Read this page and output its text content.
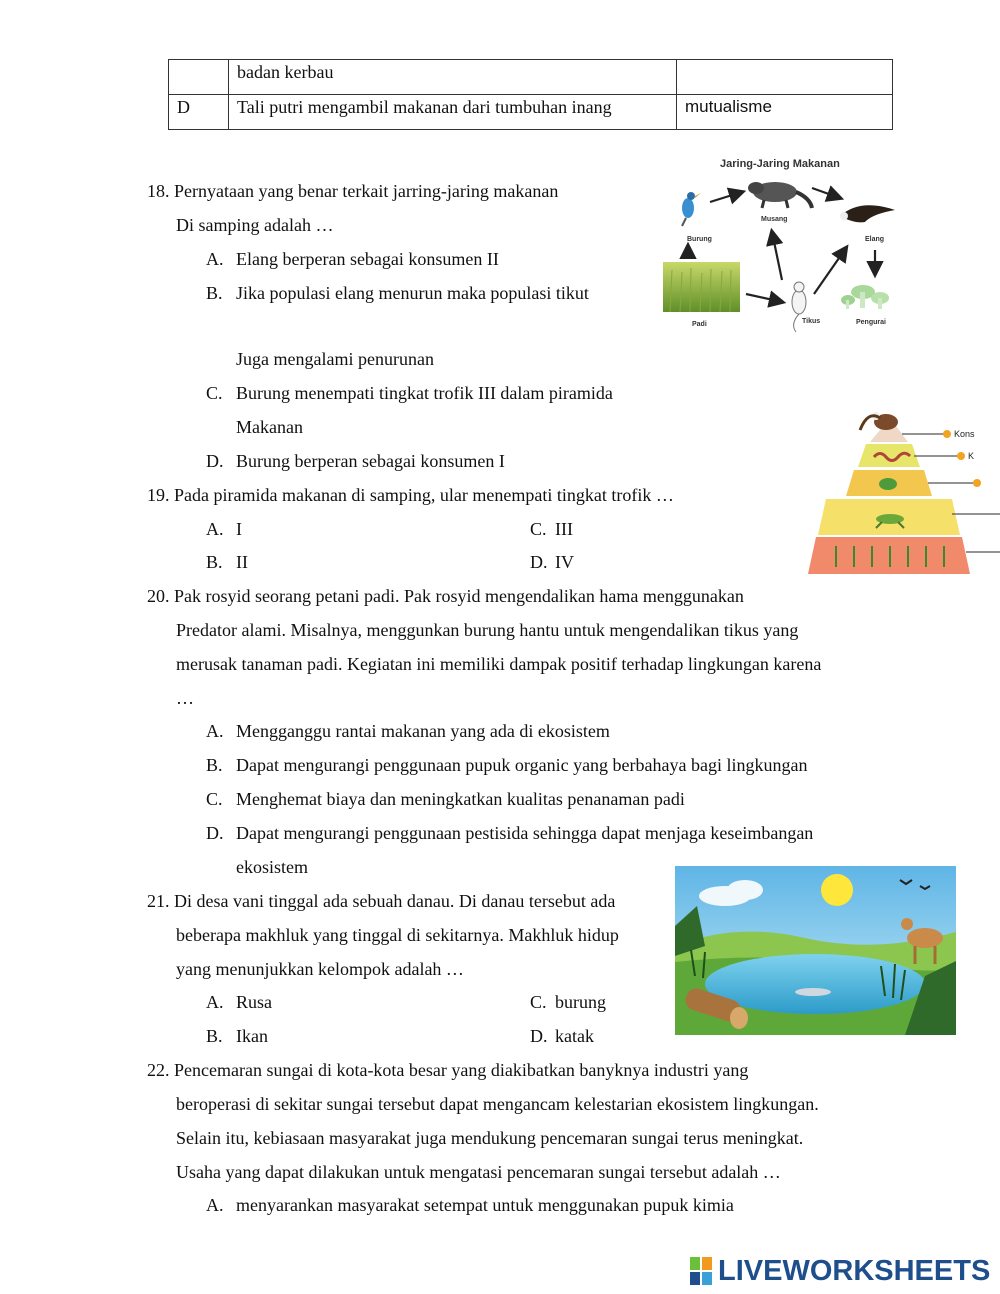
	badan kerbau	
D	Tali putri mengambil makanan dari tumbuhan inang	mutualisme
18. Pernyataan yang benar terkait jarring-jaring makanan
Di samping adalah …
A. Elang berperan sebagai konsumen II
B. Jika populasi elang menurun maka populasi tikut
Juga mengalami penurunan
C. Burung menempati tingkat trofik III dalam piramida
Makanan
D. Burung berperan sebagai konsumen I
Jaring-Jaring Makanan
Burung
Musang
Elang
Padi	Tikus	Pengurai
19. Pada piramida makanan di samping, ular menempati tingkat trofik …
A. I	C. III
B. II	D. IV
Kons
K
20. Pak rosyid seorang petani padi. Pak rosyid mengendalikan hama menggunakan
Predator alami. Misalnya, menggunkan burung hantu untuk mengendalikan tikus yang
merusak tanaman padi. Kegiatan ini memiliki dampak positif terhadap lingkungan karena
…
A. Mengganggu rantai makanan yang ada di ekosistem
B. Dapat mengurangi penggunaan pupuk organic yang berbahaya bagi lingkungan
C. Menghemat biaya dan meningkatkan kualitas penanaman padi
D. Dapat mengurangi penggunaan pestisida sehingga dapat menjaga keseimbangan
ekosistem
21. Di desa vani tinggal ada sebuah danau. Di danau tersebut ada
beberapa makhluk yang tinggal di sekitarnya. Makhluk hidup
yang menunjukkan kelompok adalah …
A. Rusa	C. burung
B. Ikan	D. katak
22. Pencemaran sungai di kota-kota besar yang diakibatkan banyknya industri yang
beroperasi di sekitar sungai tersebut dapat mengancam kelestarian ekosistem lingkungan.
Selain itu, kebiasaan masyarakat juga mendukung pencemaran sungai terus meningkat.
Usaha yang dapat dilakukan untuk mengatasi pencemaran sungai tersebut adalah …
A. menyarankan masyarakat setempat untuk menggunakan pupuk kimia
LIVEWORKSHEETS
